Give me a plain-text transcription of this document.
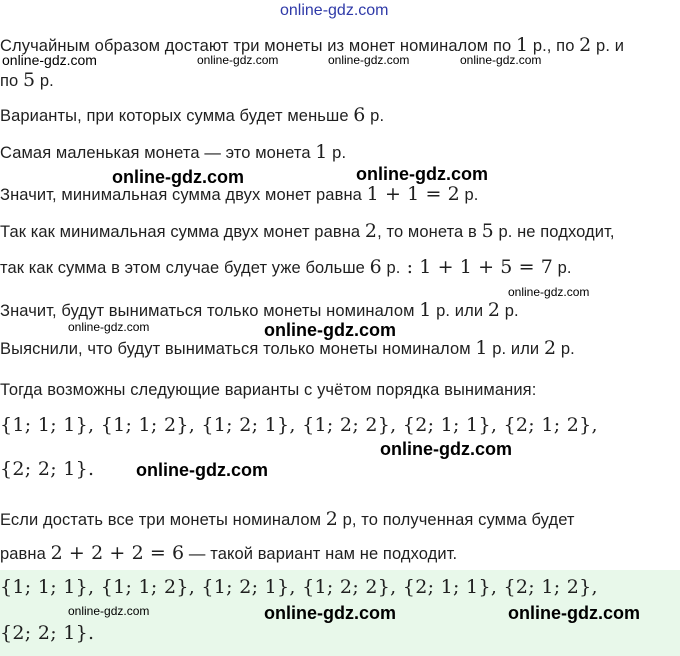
online-gdz.com

Случайным образом достают три монеты из монет номиналом по 1 р., по 2 р. и

по 5 р.

Варианты, при которых сумма будет меньше 6 р.

Самая маленькая монета — это монета 1 р.

Значит, минимальная сумма двух монет равна 1 + 1 = 2 р.

Так как минимальная сумма двух монет равна 2, то монета в 5 р. не подходит,

так как сумма в этом случае будет уже больше 6 р. : 1 + 1 + 5 = 7 р.

Значит, будут выниматься только монеты номиналом 1 р. или 2 р.

Выяснили, что будут выниматься только монеты номиналом 1 р. или 2 р.

Тогда возможны следующие варианты с учётом порядка вынимания:

{1; 1; 1}, {1; 1; 2}, {1; 2; 1}, {1; 2; 2}, {2; 1; 1}, {2; 1; 2},

{2; 2; 1}.

Если достать все три монеты номиналом 2 р, то полученная сумма будет

равна 2 + 2 + 2 = 6 — такой вариант нам не подходит.

{1; 1; 1}, {1; 1; 2}, {1; 2; 1}, {1; 2; 2}, {2; 1; 1}, {2; 1; 2},

{2; 2; 1}.

online-gdz.com	online-gdz.com	online-gdz.com	online-gdz.com
online-gdz.com	online-gdz.com
online-gdz.com
online-gdz.com	online-gdz.com
online-gdz.com
online-gdz.com
online-gdz.com	online-gdz.com	online-gdz.com
